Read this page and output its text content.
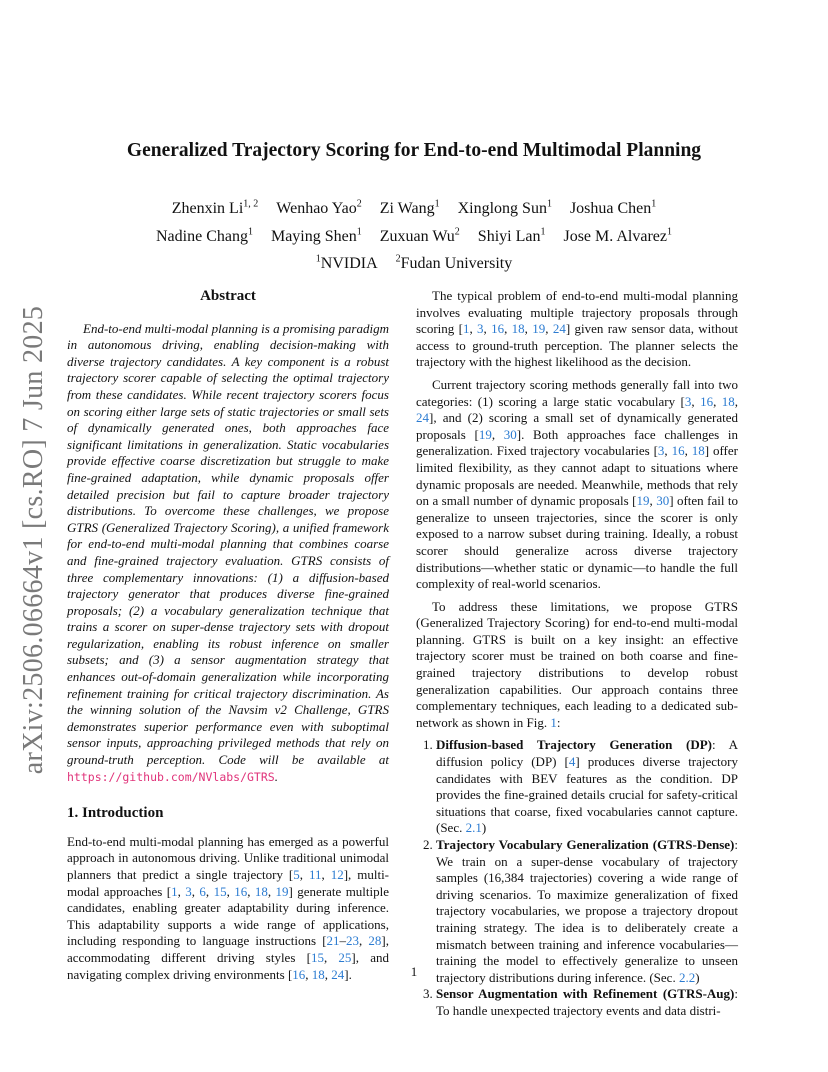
arXiv:2506.06664v1 [cs.RO] 7 Jun 2025
Generalized Trajectory Scoring for End-to-end Multimodal Planning
Zhenxin Li$^{1, 2}$ Wenhao Yao$^2$ Zi Wang$^1$ Xinglong Sun$^1$ Joshua Chen$^1$
Nadine Chang$^1$ Maying Shen$^1$ Zuxuan Wu$^2$ Shiyi Lan$^1$ Jose M. Alvarez$^1$
$^1$NVIDIA $^2$Fudan University
Abstract

End-to-end multi-modal planning is a promising paradigm in autonomous driving, enabling decision-making with diverse trajectory candidates. A key component is a robust trajectory scorer capable of selecting the optimal trajectory from these candidates. While recent trajectory scorers focus on scoring either large sets of static trajectories or small sets of dynamically generated ones, both approaches face significant limitations in generalization. Static vocabularies provide effective coarse discretization but struggle to make fine-grained adaptation, while dynamic proposals offer detailed precision but fail to capture broader trajectory distributions. To overcome these challenges, we propose GTRS (Generalized Trajectory Scoring), a unified framework for end-to-end multi-modal planning that combines coarse and fine-grained trajectory evaluation. GTRS consists of three complementary innovations: (1) a diffusion-based trajectory generator that produces diverse fine-grained proposals; (2) a vocabulary generalization technique that trains a scorer on super-dense trajectory sets with dropout regularization, enabling its robust inference on smaller subsets; and (3) a sensor augmentation strategy that enhances out-of-domain generalization while incorporating refinement training for critical trajectory discrimination. As the winning solution of the Navsim v2 Challenge, GTRS demonstrates superior performance even with suboptimal sensor inputs, approaching privileged methods that rely on ground-truth perception. Code will be available at https://github.com/NVlabs/GTRS.

1. Introduction

End-to-end multi-modal planning has emerged as a powerful approach in autonomous driving. Unlike traditional unimodal planners that predict a single trajectory [5, 11, 12], multi-modal approaches [1, 3, 6, 15, 16, 18, 19] generate multiple candidates, enabling greater adaptability during inference. This adaptability supports a wide range of applications, including responding to language instructions [21–23, 28], accommodating different driving styles [15, 25], and navigating complex driving environments [16, 18, 24].

The typical problem of end-to-end multi-modal planning involves evaluating multiple trajectory proposals through scoring [1, 3, 16, 18, 19, 24] given raw sensor data, without access to ground-truth perception. The planner selects the trajectory with the highest likelihood as the decision.

Current trajectory scoring methods generally fall into two categories: (1) scoring a large static vocabulary [3, 16, 18, 24], and (2) scoring a small set of dynamically generated proposals [19, 30]. Both approaches face challenges in generalization. Fixed trajectory vocabularies [3, 16, 18] offer limited flexibility, as they cannot adapt to situations where dynamic proposals are needed. Meanwhile, methods that rely on a small number of dynamic proposals [19, 30] often fail to generalize to unseen trajectories, since the scorer is only exposed to a narrow subset during training. Ideally, a robust scorer should generalize across diverse trajectory distributions—whether static or dynamic—to handle the full complexity of real-world scenarios.

To address these limitations, we propose GTRS (Generalized Trajectory Scoring) for end-to-end multi-modal planning. GTRS is built on a key insight: an effective trajectory scorer must be trained on both coarse and fine-grained trajectory distributions to develop robust generalization capabilities. Our approach contains three complementary techniques, each leading to a dedicated sub-network as shown in Fig. 1:

1. Diffusion-based Trajectory Generation (DP): A diffusion policy (DP) [4] produces diverse trajectory candidates with BEV features as the condition. DP provides the fine-grained details crucial for safety-critical situations that coarse, fixed vocabularies cannot capture. (Sec. 2.1)
2. Trajectory Vocabulary Generalization (GTRS-Dense): We train on a super-dense vocabulary of trajectory samples (16,384 trajectories) covering a wide range of driving scenarios. To maximize generalization of fixed trajectory vocabularies, we propose a trajectory dropout training strategy. The idea is to deliberately create a mismatch between training and inference vocabularies—training the model to effectively generalize to unseen trajectory distributions during inference. (Sec. 2.2)
3. Sensor Augmentation with Refinement (GTRS-Aug): To handle unexpected trajectory events and data distri-
1
